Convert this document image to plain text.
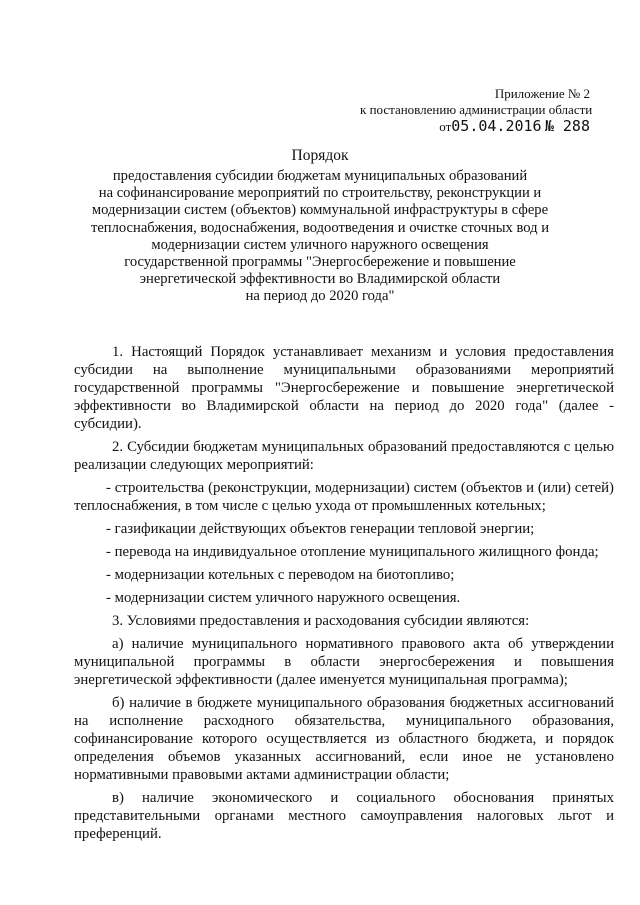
Приложение № 2
к постановлению администрации области
от05.04.2016 № 288
Порядок
предоставления субсидии бюджетам муниципальных образований
на софинансирование мероприятий по строительству, реконструкции и
модернизации систем (объектов) коммунальной инфраструктуры в сфере
теплоснабжения, водоснабжения, водоотведения и очистке сточных вод и
модернизации систем уличного наружного освещения
государственной программы "Энергосбережение и повышение
энергетической эффективности во Владимирской области
на период до 2020 года"

1. Настоящий Порядок устанавливает механизм и условия предоставления субсидии на выполнение муниципальными образованиями мероприятий государственной программы "Энергосбережение и повышение энергетической эффективности во Владимирской области на период до 2020 года" (далее - субсидии).

2. Субсидии бюджетам муниципальных образований предоставляются с целью реализации следующих мероприятий:

- строительства (реконструкции, модернизации) систем (объектов и (или) сетей) теплоснабжения, в том числе с целью ухода от промышленных котельных;

- газификации действующих объектов генерации тепловой энергии;

- перевода на индивидуальное отопление муниципального жилищного фонда;

- модернизации котельных с переводом на биотопливо;

- модернизации систем уличного наружного освещения.

3. Условиями предоставления и расходования субсидии являются:

а) наличие муниципального нормативного правового акта об утверждении муниципальной программы в области энергосбережения и повышения энергетической эффективности (далее именуется муниципальная программа);

б) наличие в бюджете муниципального образования бюджетных ассигнований на исполнение расходного обязательства, муниципального образования, софинансирование которого осуществляется из областного бюджета, и порядок определения объемов указанных ассигнований, если иное не установлено нормативными правовыми актами администрации области;

в) наличие экономического и социального обоснования принятых представительными органами местного самоуправления налоговых льгот и преференций.
